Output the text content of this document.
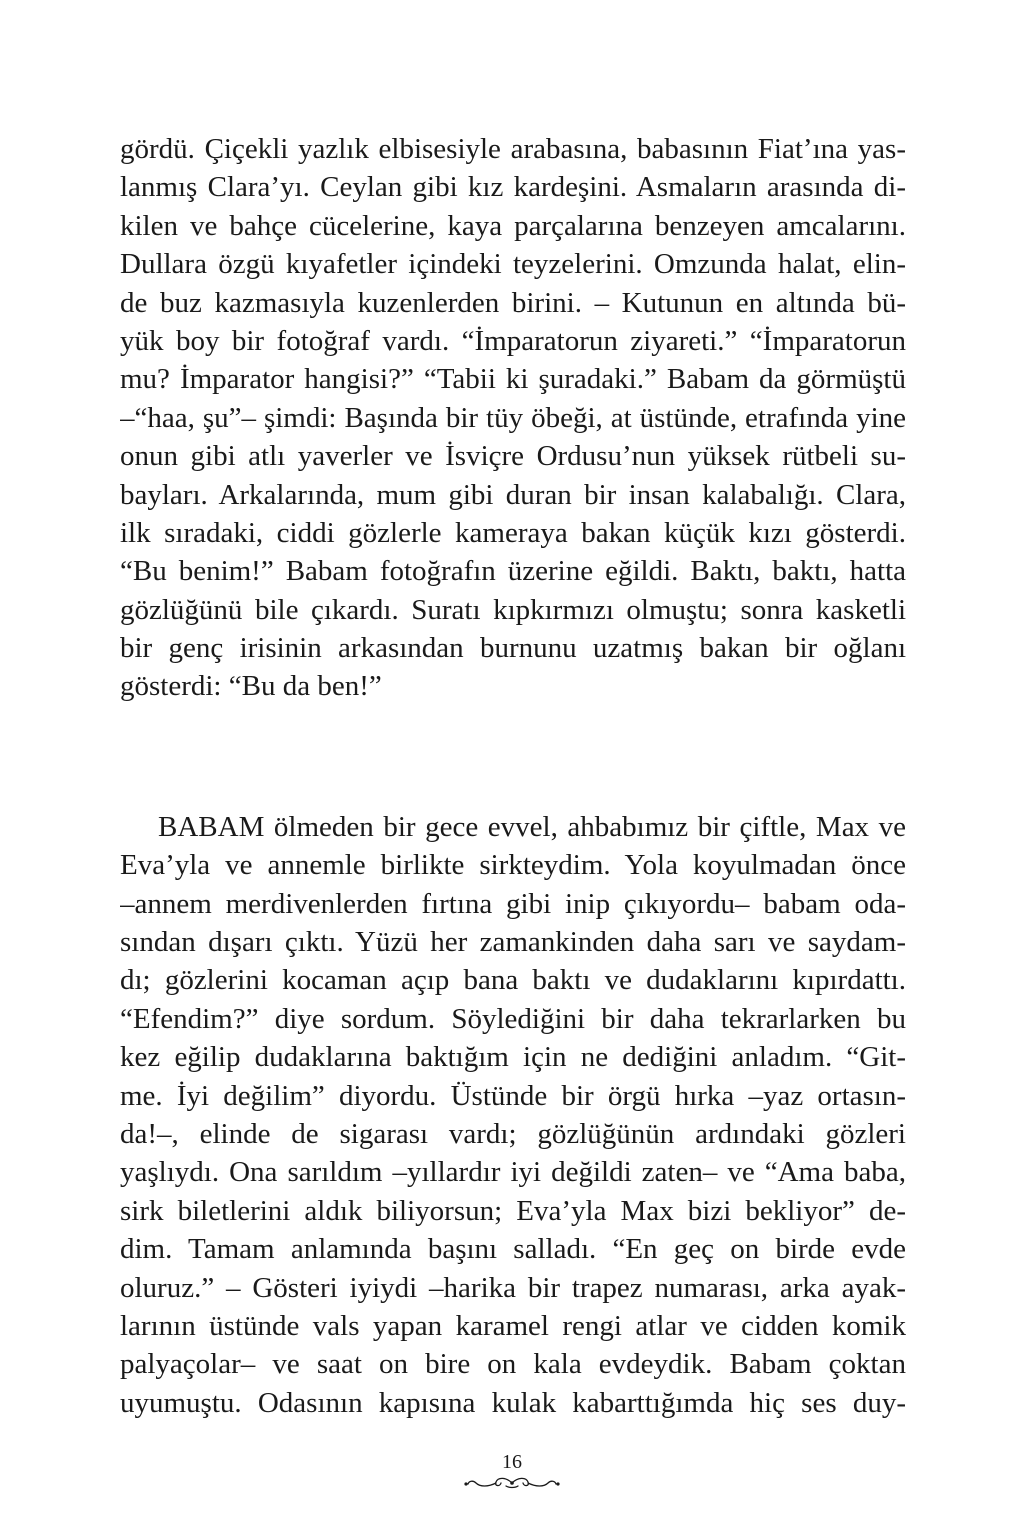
gördü. Çiçekli yazlık elbisesiyle arabasına, babasının Fiat’ına yas-
lanmış Clara’yı. Ceylan gibi kız kardeşini. Asmaların arasında di-
kilen ve bahçe cücelerine, kaya parçalarına benzeyen amcalarını.
Dullara özgü kıyafetler içindeki teyzelerini. Omzunda halat, elin-
de buz kazmasıyla kuzenlerden birini. – Kutunun en altında bü-
yük boy bir fotoğraf vardı. “İmparatorun ziyareti.” “İmparatorun
mu? İmparator hangisi?” “Tabii ki şuradaki.” Babam da görmüştü
–“haa, şu”– şimdi: Başında bir tüy öbeği, at üstünde, etrafında yine
onun gibi atlı yaverler ve İsviçre Ordusu’nun yüksek rütbeli su-
bayları. Arkalarında, mum gibi duran bir insan kalabalığı. Clara,
ilk sıradaki, ciddi gözlerle kameraya bakan küçük kızı gösterdi.
“Bu benim!” Babam fotoğrafın üzerine eğildi. Baktı, baktı, hatta
gözlüğünü bile çıkardı. Suratı kıpkırmızı olmuştu; sonra kasketli
bir genç irisinin arkasından burnunu uzatmış bakan bir oğlanı
gösterdi: “Bu da ben!”
BABAM ölmeden bir gece evvel, ahbabımız bir çiftle, Max ve
Eva’yla ve annemle birlikte sirkteydim. Yola koyulmadan önce
–annem merdivenlerden fırtına gibi inip çıkıyordu– babam oda-
sından dışarı çıktı. Yüzü her zamankinden daha sarı ve saydam-
dı; gözlerini kocaman açıp bana baktı ve dudaklarını kıpırdattı.
“Efendim?” diye sordum. Söylediğini bir daha tekrarlarken bu
kez eğilip dudaklarına baktığım için ne dediğini anladım. “Git-
me. İyi değilim” diyordu. Üstünde bir örgü hırka –yaz ortasın-
da!–, elinde de sigarası vardı; gözlüğünün ardındaki gözleri
yaşlıydı. Ona sarıldım –yıllardır iyi değildi zaten– ve “Ama baba,
sirk biletlerini aldık biliyorsun; Eva’yla Max bizi bekliyor” de-
dim. Tamam anlamında başını salladı. “En geç on birde evde
oluruz.” – Gösteri iyiydi –harika bir trapez numarası, arka ayak-
larının üstünde vals yapan karamel rengi atlar ve cidden komik
palyaçolar– ve saat on bire on kala evdeydik. Babam çoktan
uyumuştu. Odasının kapısına kulak kabarttığımda hiç ses duy-
16
